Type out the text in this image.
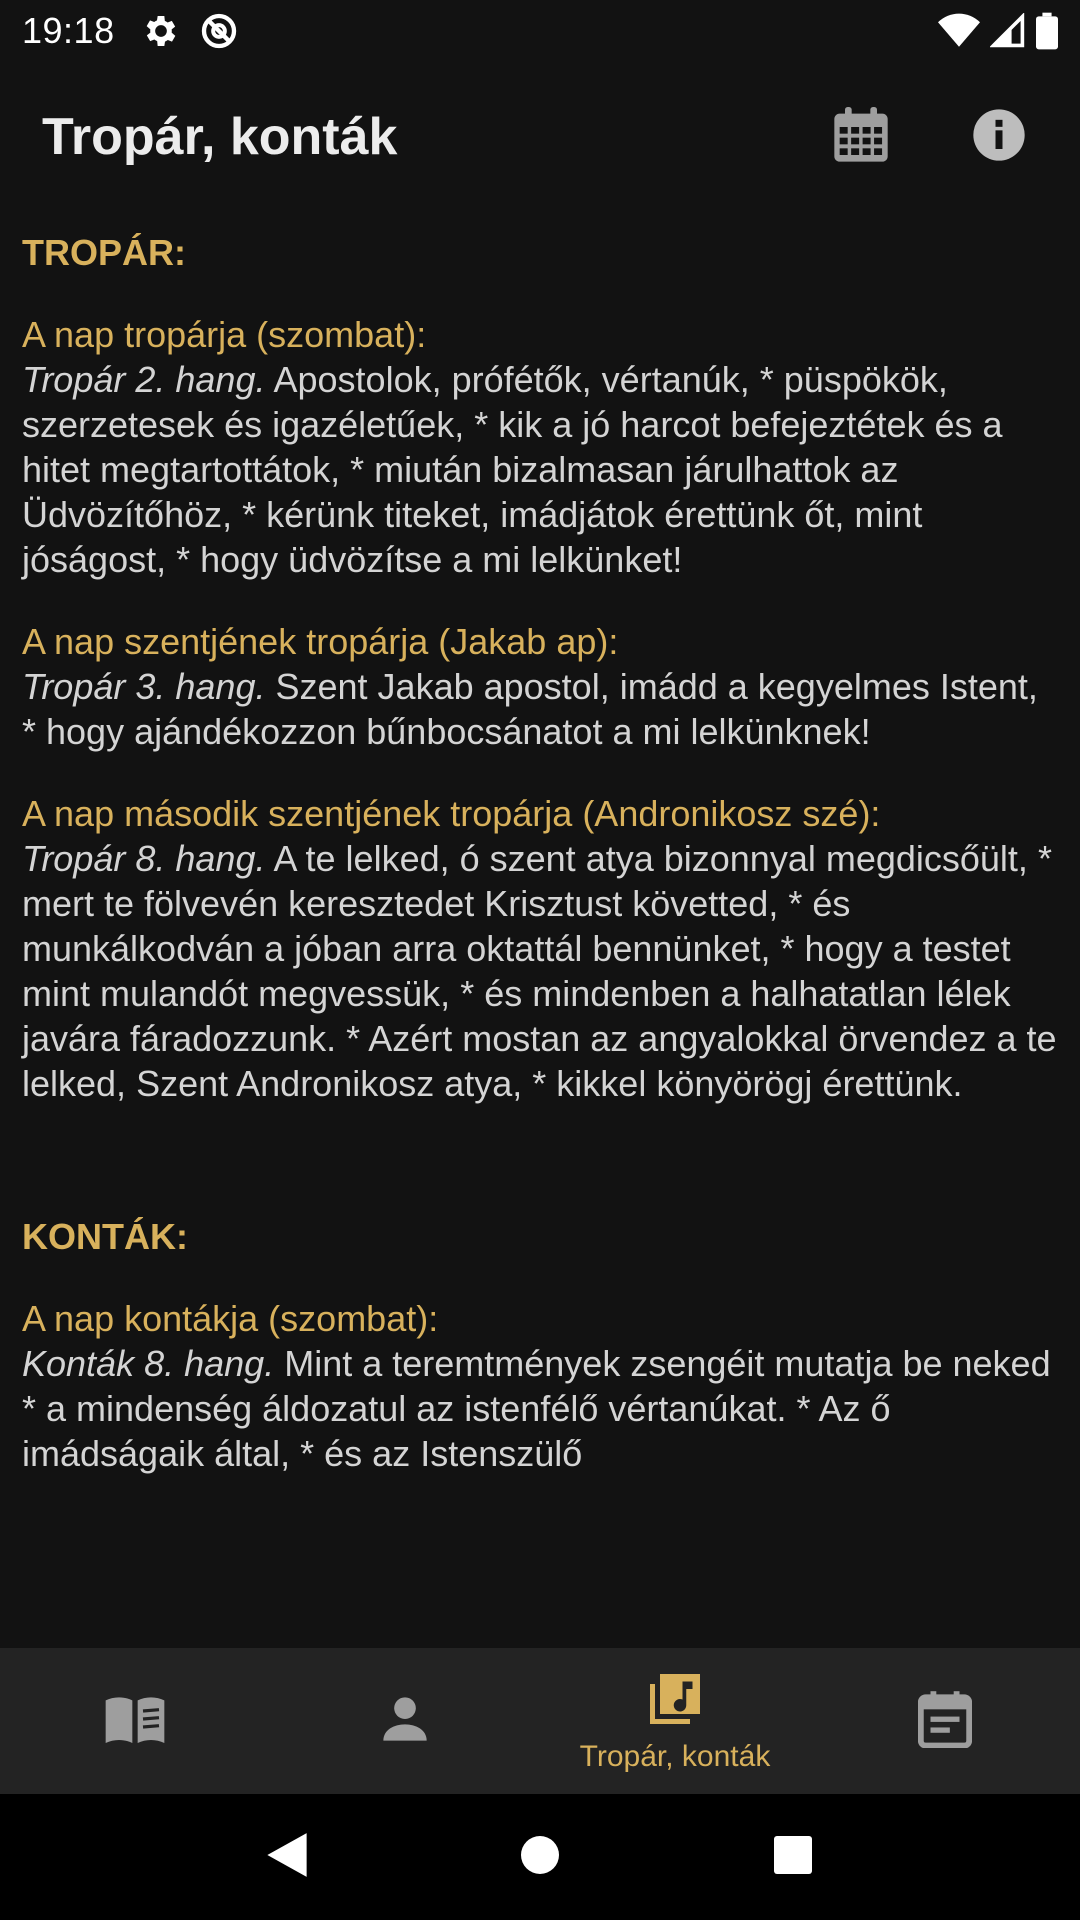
19:18
Tropár, konták
TROPÁR:
A nap tropárja (szombat):
Tropár 2. hang. Apostolok, prófétők, vértanúk, * püspökök, szerzetesek és igazéletűek, * kik a jó harcot befejeztétek és a hitet megtartottátok, * miután bizalmasan járulhattok az Üdvözítőhöz, * kérünk titeket, imádjátok érettünk őt, mint jóságost, * hogy üdvözítse a mi lelkünket!
A nap szentjének tropárja (Jakab ap):
Tropár 3. hang. Szent Jakab apostol, imádd a kegyelmes Istent, * hogy ajándékozzon bűnbocsánatot a mi lelkünknek!
A nap második szentjének tropárja (Andronikosz szé):
Tropár 8. hang. A te lelked, ó szent atya bizonnyal megdicsőült, * mert te fölvevén keresztedet Krisztust követted, * és munkálkodván a jóban arra oktattál bennünket, * hogy a testet mint mulandót megvessük, * és mindenben a halhatatlan lélek javára fáradozzunk. * Azért mostan az angyalokkal örvendez a te lelked, Szent Andronikosz atya, * kikkel könyörögj érettünk.
KONTÁK:
A nap kontákja (szombat):
Konták 8. hang. Mint a teremtmények zsengéit mutatja be neked * a mindenség áldozatul az istenfélő vértanúkat. * Az ő imádságaik által, * és az Istenszülő
Tropár, konták
